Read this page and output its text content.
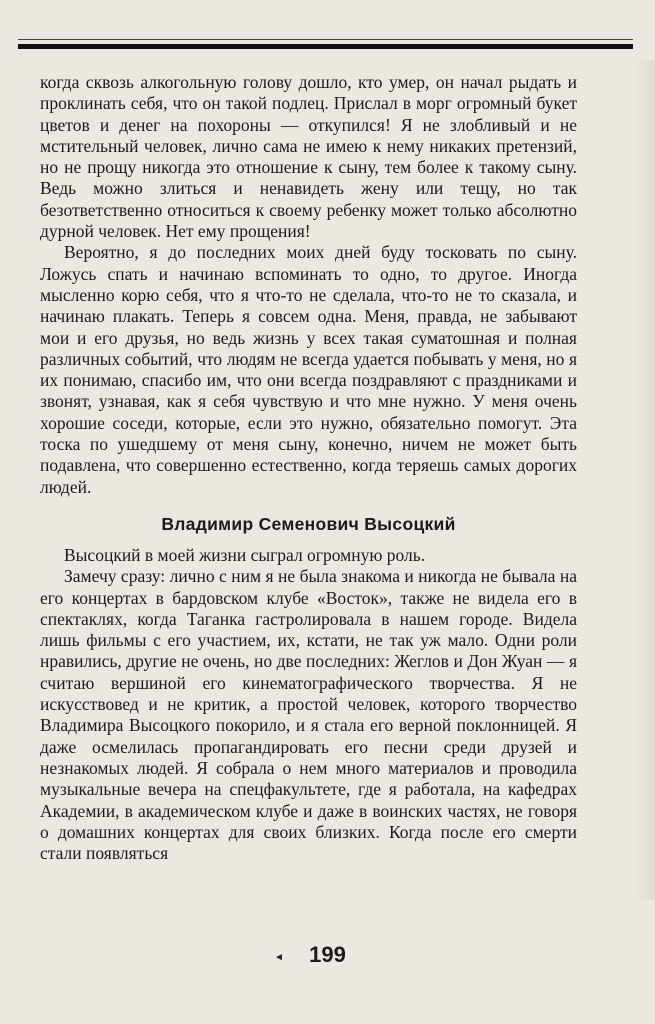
когда сквозь алкогольную голову дошло, кто умер, он начал рыдать и проклинать себя, что он такой подлец. Прислал в морг огромный букет цветов и денег на похороны — откупился! Я не злобливый и не мстительный человек, лично сама не имею к нему никаких претензий, но не прощу никогда это отношение к сыну, тем более к такому сыну. Ведь можно злиться и ненавидеть жену или тещу, но так безответственно относиться к своему ребенку может только абсолютно дурной человек. Нет ему прощения!

Вероятно, я до последних моих дней буду тосковать по сыну. Ложусь спать и начинаю вспоминать то одно, то другое. Иногда мысленно корю себя, что я что-то не сделала, что-то не то сказала, и начинаю плакать. Теперь я совсем одна. Меня, правда, не забывают мои и его друзья, но ведь жизнь у всех такая суматошная и полная различных событий, что людям не всегда удается побывать у меня, но я их понимаю, спасибо им, что они всегда поздравляют с праздниками и звонят, узнавая, как я себя чувствую и что мне нужно. У меня очень хорошие соседи, которые, если это нужно, обязательно помогут. Эта тоска по ушедшему от меня сыну, конечно, ничем не может быть подавлена, что совершенно естественно, когда теряешь самых дорогих людей.

Владимир Семенович Высоцкий

Высоцкий в моей жизни сыграл огромную роль.

Замечу сразу: лично с ним я не была знакома и никогда не бывала на его концертах в бардовском клубе «Восток», также не видела его в спектаклях, когда Таганка гастролировала в нашем городе. Видела лишь фильмы с его участием, их, кстати, не так уж мало. Одни роли нравились, другие не очень, но две последних: Жеглов и Дон Жуан — я считаю вершиной его кинематографического творчества. Я не искусствовед и не критик, а простой человек, которого творчество Владимира Высоцкого покорило, и я стала его верной поклонницей. Я даже осмелилась пропагандировать его песни среди друзей и незнакомых людей. Я собрала о нем много материалов и проводила музыкальные вечера на спецфакультете, где я работала, на кафедрах Академии, в академическом клубе и даже в воинских частях, не говоря о домашних концертах для своих близких. Когда после его смерти стали появляться

◄	199
